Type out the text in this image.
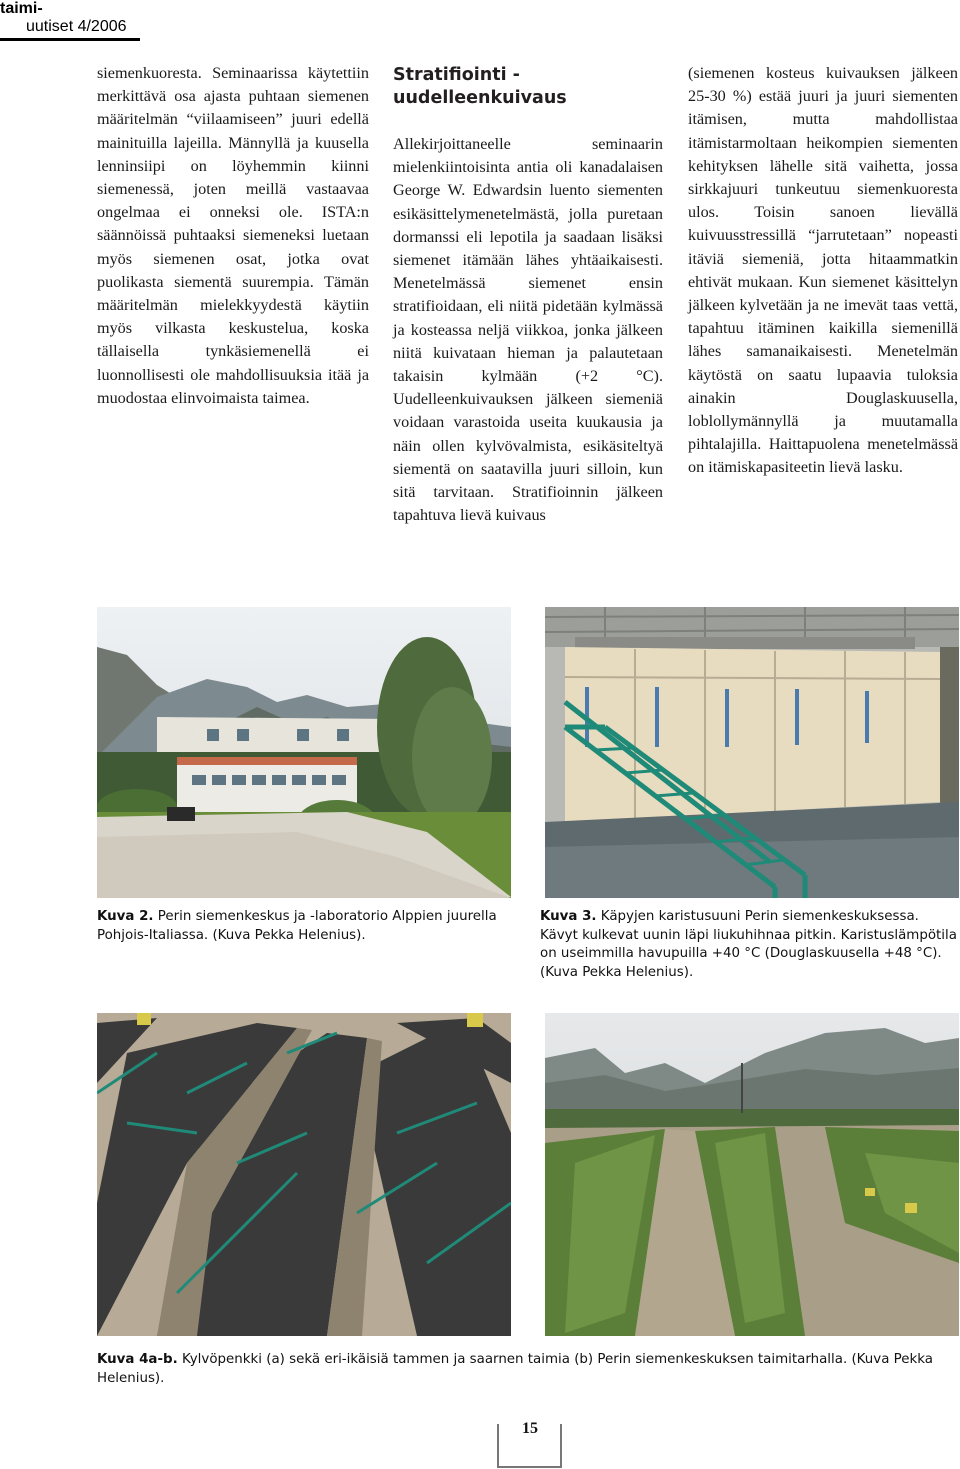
taimi-
uutiset 4/2006

siemenkuoresta. Seminaarissa käytettiin merkittävä osa ajasta puhtaan siemenen määritelmän “viilaamiseen” juuri edellä mainituilla lajeilla. Männyllä ja kuusella lenninsiipi on löyhemmin kiinni siemenessä, joten meillä vastaavaa ongelmaa ei onneksi ole. ISTA:n säännöissä puhtaaksi siemeneksi luetaan myös siemenen osat, jotka ovat puolikasta siementä suurempia. Tämän määritelmän mielekkyydestä käytiin myös vilkasta keskustelua, koska tällaisella tynkäsiemenellä ei luonnollisesti ole mahdollisuuksia itää ja muodostaa elinvoimaista taimea.

Stratifiointi - uudelleenkuivaus

Allekirjoittaneelle seminaarin mielenkiintoisinta antia oli kanadalaisen George W. Edwardsin luento siementen esikäsittelymenetelmästä, jolla puretaan dormanssi eli lepotila ja saadaan lisäksi siemenet itämään lähes yhtäaikaisesti. Menetelmässä siemenet ensin stratifioidaan, eli niitä pidetään kylmässä ja kosteassa neljä viikkoa, jonka jälkeen niitä kuivataan hieman ja palautetaan takaisin kylmään (+2 °C). Uudelleenkuivauksen jälkeen siemeniä voidaan varastoida useita kuukausia ja näin ollen kylvövalmista, esikäsiteltyä siementä on saatavilla juuri silloin, kun sitä tarvitaan. Stratifioinnin jälkeen tapahtuva lievä kuivaus

(siemenen kosteus kuivauksen jälkeen 25-30 %) estää juuri ja juuri siementen itämisen, mutta mahdollistaa itämistarmoltaan heikompien siementen kehityksen lähelle sitä vaihetta, jossa sirkkajuuri tunkeutuu siemenkuoresta ulos. Toisin sanoen lievällä kuivuusstressillä “jarrutetaan” nopeasti itäviä siemeniä, jotta hitaammatkin ehtivät mukaan. Kun siemenet käsittelyn jälkeen kylvetään ja ne imevät taas vettä, tapahtuu itäminen kaikilla siemenillä lähes samanaikaisesti. Menetelmän käytöstä on saatu lupaavia tuloksia ainakin Douglaskuusella, loblollymännyllä ja muutamalla pihtalajilla. Haittapuolena menetelmässä on itämiskapasiteetin lievä lasku.

Kuva 2. Perin siemenkeskus ja -laboratorio Alppien juurella Pohjois-Italiassa. (Kuva Pekka Helenius).
Kuva 3. Käpyjen karistusuuni Perin siemenkeskuksessa. Kävyt kulkevat uunin läpi liukuhihnaa pitkin. Karistuslämpötila on useimmilla havupuilla +40 °C (Douglaskuusella +48 °C). (Kuva Pekka Helenius).
Kuva 4a-b. Kylvöpenkki (a) sekä eri-ikäisiä tammen ja saarnen taimia (b) Perin siemenkeskuksen taimitarhalla. (Kuva Pekka Helenius).
15
